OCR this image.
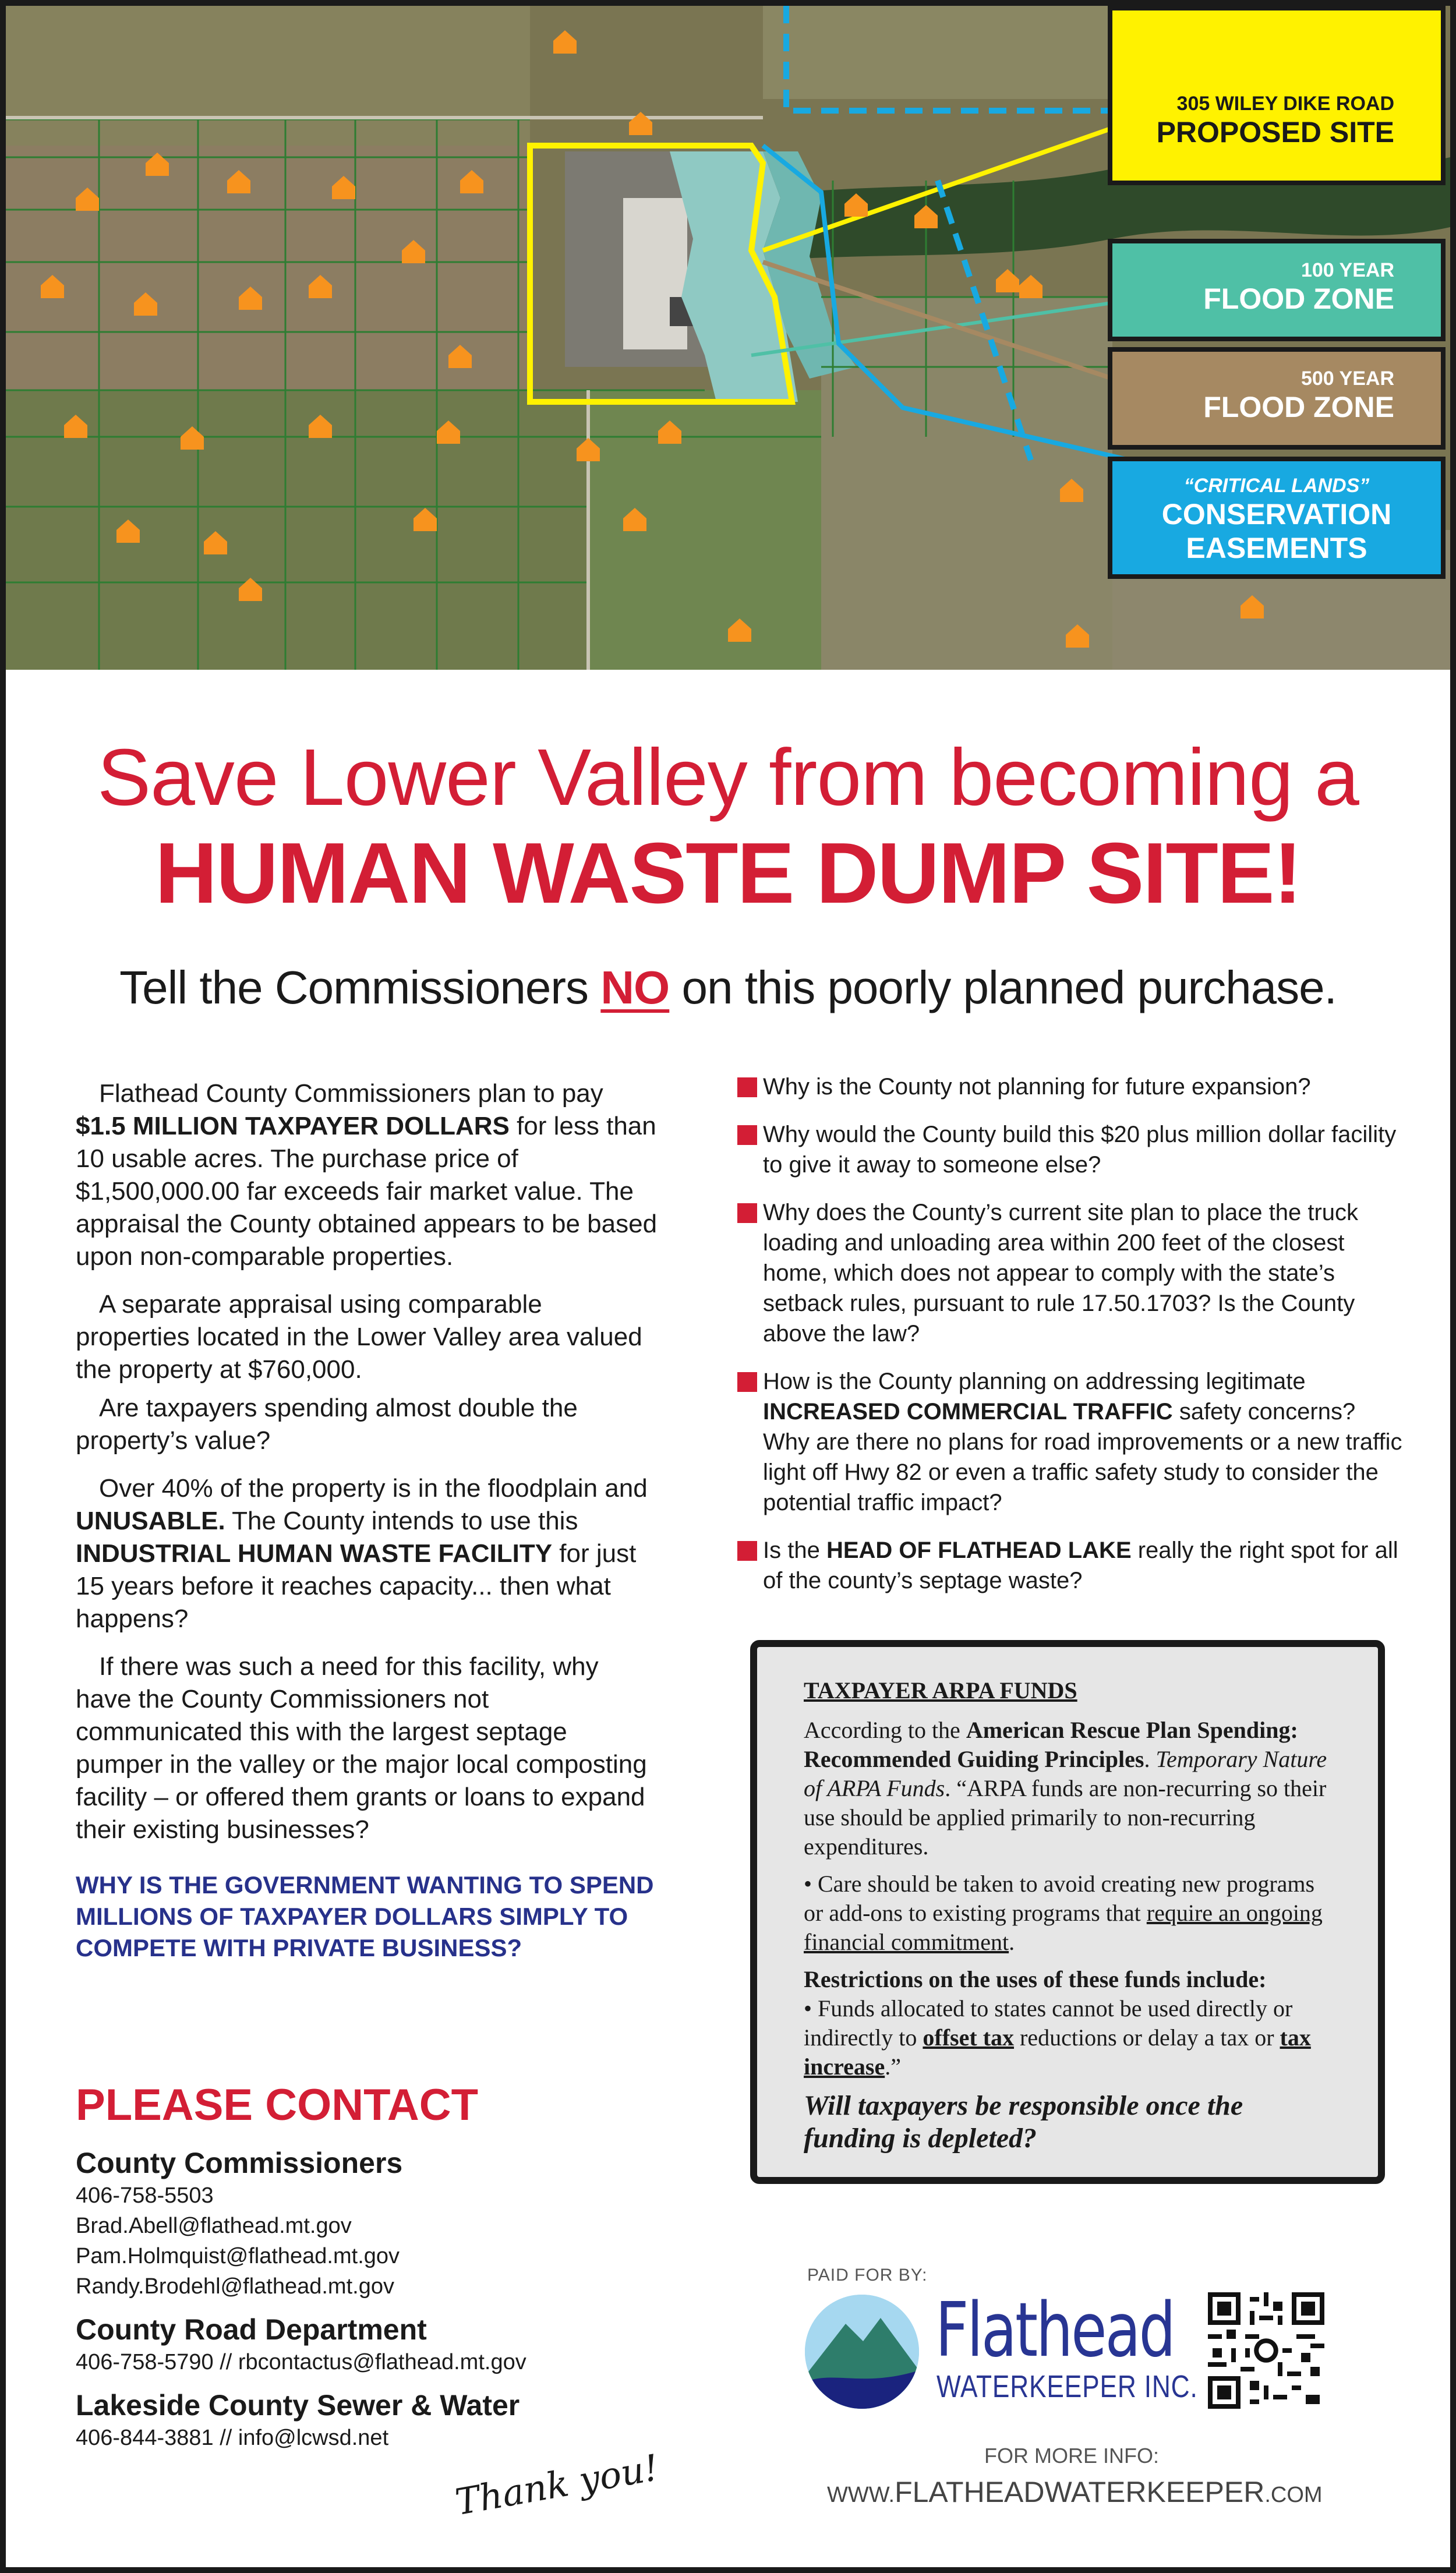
305 WILEY DIKE ROAD
PROPOSED SITE
100 YEAR
FLOOD ZONE
500 YEAR
FLOOD ZONE
“CRITICAL LANDS”
CONSERVATION
EASEMENTS
Save Lower Valley from becoming a
HUMAN WASTE DUMP SITE!
Tell the Commissioners NO on this poorly planned purchase.

Flathead County Commissioners plan to pay $1.5 MILLION TAXPAYER DOLLARS for less than 10 usable acres. The purchase price of $1,500,000.00 far exceeds fair market value. The appraisal the County obtained appears to be based upon non-comparable properties.

A separate appraisal using comparable properties located in the Lower Valley area valued the property at $760,000.

Are taxpayers spending almost double the property’s value?

Over 40% of the property is in the floodplain and UNUSABLE. The County intends to use this INDUSTRIAL HUMAN WASTE FACILITY for just 15 years before it reaches capacity... then what happens?

If there was such a need for this facility, why have the County Commissioners not communicated this with the largest septage pumper in the valley or the major local composting facility – or offered them grants or loans to expand their existing businesses?

WHY IS THE GOVERNMENT WANTING TO SPEND MILLIONS OF TAXPAYER DOLLARS SIMPLY TO COMPETE WITH PRIVATE BUSINESS?

PLEASE CONTACT
County Commissioners
406-758-5503
Brad.Abell@flathead.mt.gov
Pam.Holmquist@flathead.mt.gov
Randy.Brodehl@flathead.mt.gov
County Road Department
406-758-5790 // rbcontactus@flathead.mt.gov
Lakeside County Sewer & Water
406-844-3881 // info@lcwsd.net
Thank you!
Why is the County not planning for future expansion?
Why would the County build this $20 plus million dollar facility to give it away to someone else?
Why does the County’s current site plan to place the truck loading and unloading area within 200 feet of the closest home, which does not appear to comply with the state’s setback rules, pursuant to rule 17.50.1703? Is the County above the law?
How is the County planning on addressing legitimate INCREASED COMMERCIAL TRAFFIC safety concerns? Why are there no plans for road improvements or a new traffic light off Hwy 82 or even a traffic safety study to consider the potential traffic impact?
Is the HEAD OF FLATHEAD LAKE really the right spot for all of the county’s septage waste?
TAXPAYER ARPA FUNDS

According to the American Rescue Plan Spending: Recommended Guiding Principles. Temporary Nature of ARPA Funds. “ARPA funds are non-recurring so their use should be applied primarily to non-recurring expenditures.

• Care should be taken to avoid creating new programs or add-ons to existing programs that require an ongoing financial commitment.

Restrictions on the uses of these funds include:
• Funds allocated to states cannot be used directly or indirectly to offset tax reductions or delay a tax or tax increase.”

Will taxpayers be responsible once the funding is depleted?

PAID FOR BY:
Flathead
WATERKEEPER INC.
FOR MORE INFO:
WWW.FLATHEADWATERKEEPER.COM
